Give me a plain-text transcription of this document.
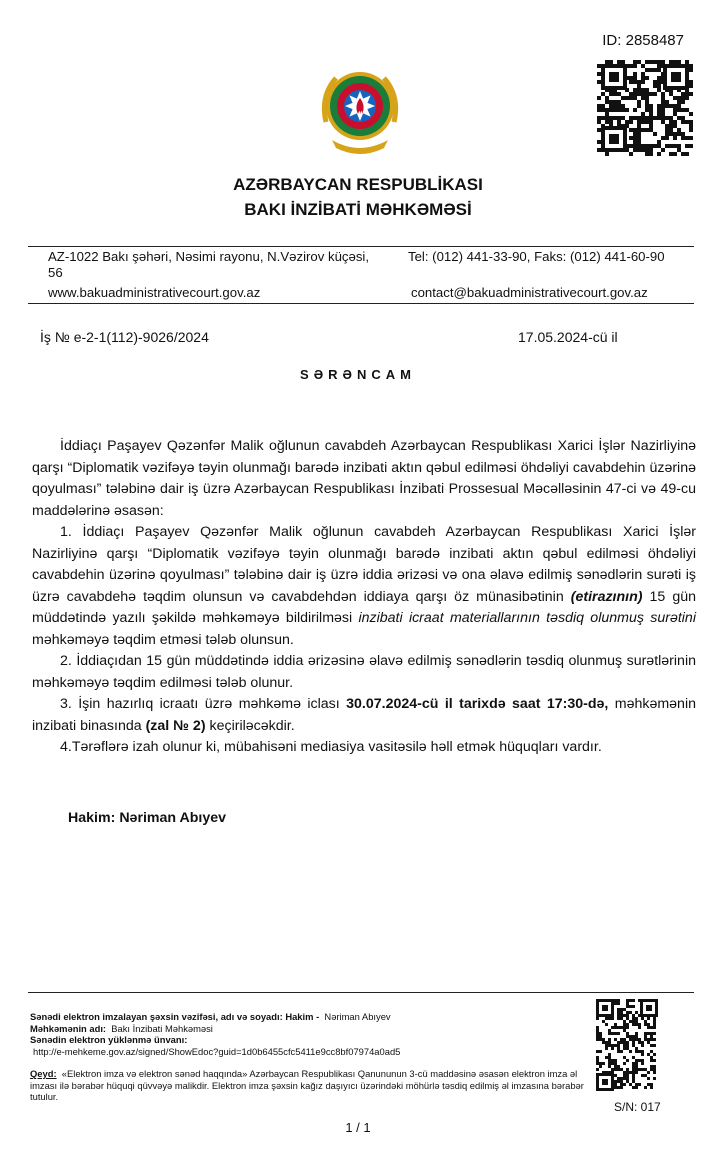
ID: 2858487
AZƏRBAYCAN RESPUBLİKASI
BAKI İNZİBATİ MƏHKƏMƏSİ
AZ-1022 Bakı şəhəri, Nəsimi rayonu, N.Vəzirov küçəsi, 56
Tel: (012) 441-33-90, Faks: (012) 441-60-90
www.bakuadministrativecourt.gov.az	contact@bakuadministrativecourt.gov.az
İş № e-2-1(112)-9026/2024	17.05.2024-cü il
SƏRƏNCAM

İddiaçı Paşayev Qəzənfər Malik oğlunun cavabdeh Azərbaycan Respublikası Xarici İşlər Nazirliyinə qarşı “Diplomatik vəzifəyə təyin olunmağı barədə inzibati aktın qəbul edilməsi öhdəliyi cavabdehin üzərinə qoyulması” tələbinə dair iş üzrə Azərbaycan Respublikası İnzibati Prossesual Məcəlləsinin 47-ci və 49-cu maddələrinə əsasən:

1. İddiaçı Paşayev Qəzənfər Malik oğlunun cavabdeh Azərbaycan Respublikası Xarici İşlər Nazirliyinə qarşı “Diplomatik vəzifəyə təyin olunmağı barədə inzibati aktın qəbul edilməsi öhdəliyi cavabdehin üzərinə qoyulması” tələbinə dair iş üzrə iddia ərizəsi və ona əlavə edilmiş sənədlərin surəti iş üzrə cavabdehə təqdim olunsun və cavabdehdən iddiaya qarşı öz münasibətinin (etirazının) 15 gün müddətində yazılı şəkildə məhkəməyə bildirilməsi inzibati icraat materiallarının təsdiq olunmuş surətini məhkəməyə təqdim etməsi tələb olunsun.

2. İddiaçıdan 15 gün müddətində iddia ərizəsinə əlavə edilmiş sənədlərin təsdiq olunmuş surətlərinin məhkəməyə təqdim edilməsi tələb olunur.

3. İşin hazırlıq icraatı üzrə məhkəmə iclası 30.07.2024-cü il tarixdə saat 17:30-də, məhkəmənin inzibati binasında (zal № 2) keçiriləcəkdir.

4.Tərəflərə izah olunur ki, mübahisəni mediasiya vasitəsilə həll etmək hüquqları vardır.

Hakim: Nəriman Abıyev
Sənədi elektron imzalayan şəxsin vəzifəsi, adı və soyadı: Hakim - Nəriman Abıyev
Məhkəmənin adı: Bakı İnzibati Məhkəməsi
Sənədin elektron yüklənmə ünvanı:
http://e-mehkeme.gov.az/signed/ShowEdoc?guid=1d0b6455cfc5411e9cc8bf07974a0ad5
Qeyd: «Elektron imza və elektron sənəd haqqında» Azərbaycan Respublikası Qanununun 3-cü maddəsinə əsasən elektron imza əl imzası ilə bərabər hüquqi qüvvəyə malikdir. Elektron imza şəxsin kağız daşıyıcı üzərindəki möhürlə təsdiq edilmiş əl imzasına bərabər tutulur.
S/N: 017
1 / 1
